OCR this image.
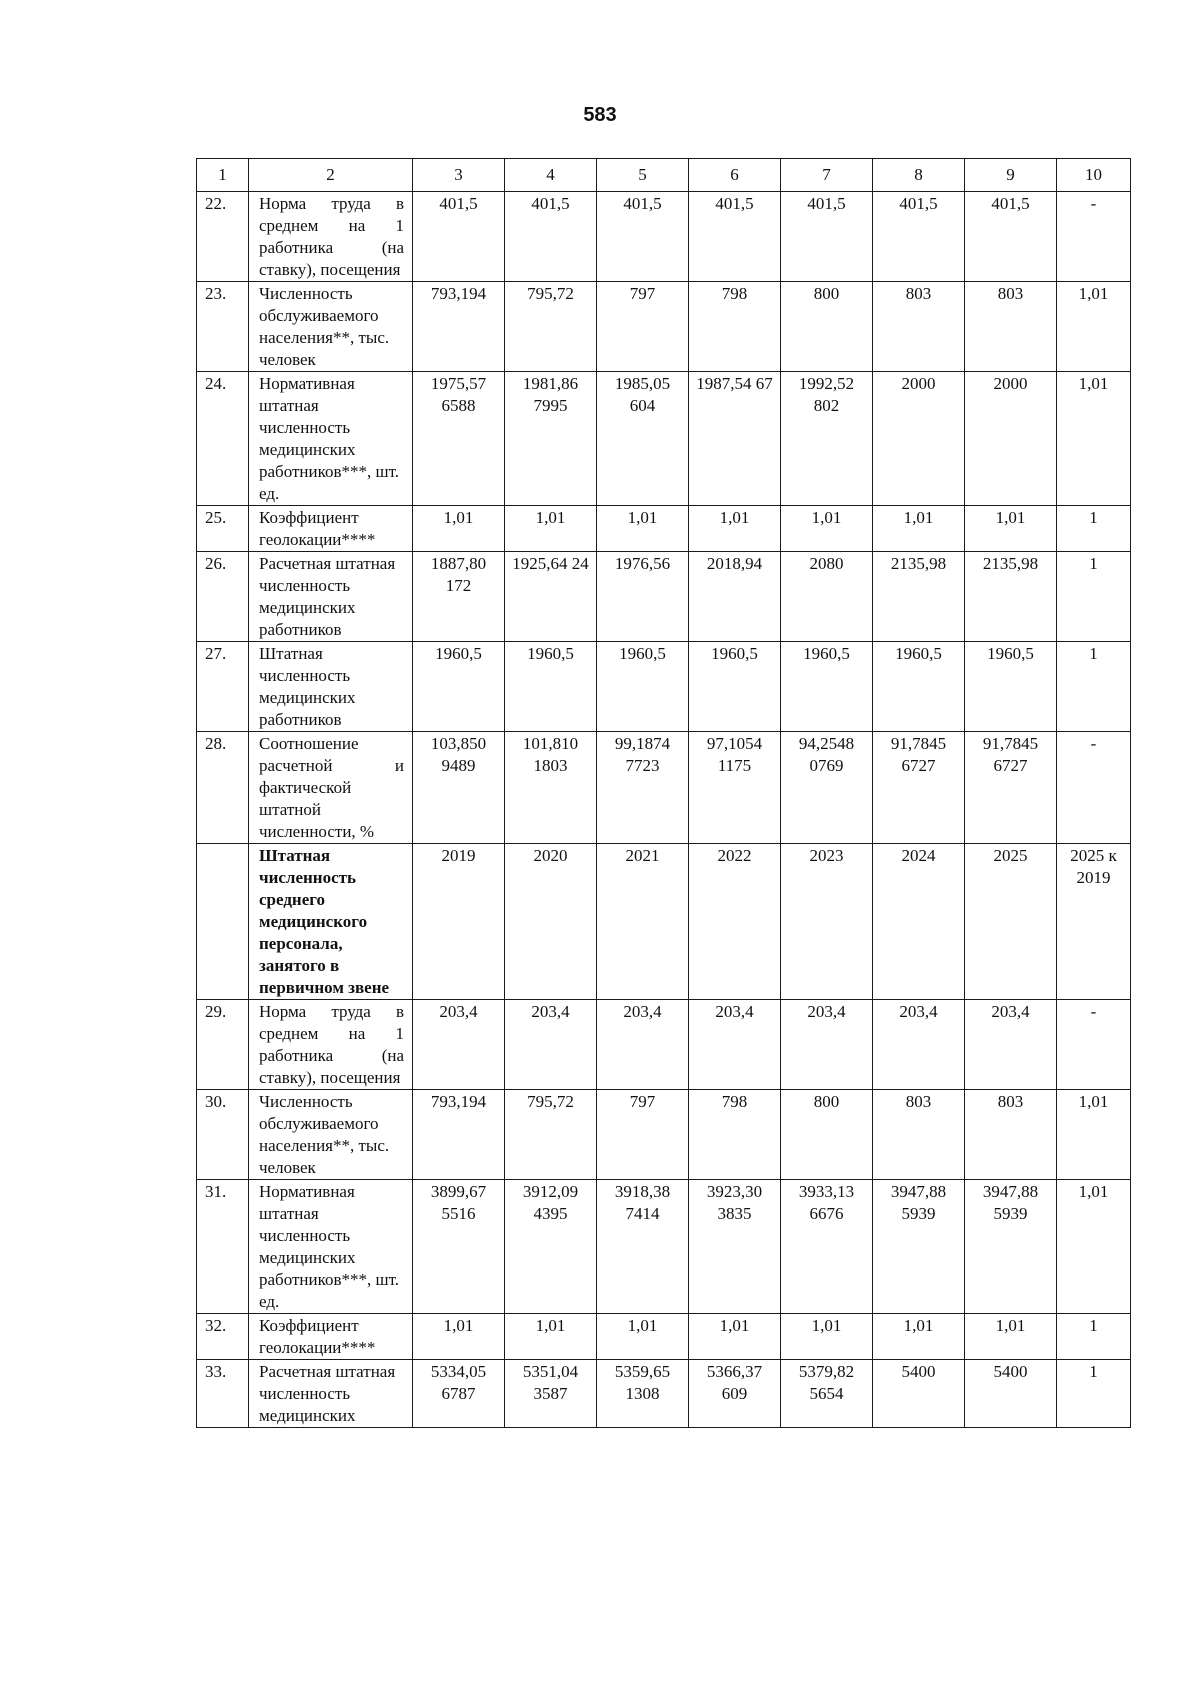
583
1	2	3	4	5	6	7	8	9	10
22.	Норма труда в среднем на 1 работника (на ставку), посещения	401,5	401,5	401,5	401,5	401,5	401,5	401,5	-
23.	Численность обслуживаемого населения**, тыс. человек	793,194	795,72	797	798	800	803	803	1,01
24.	Нормативная штатная численность медицинских работников***, шт. ед.	1975,57 6588	1981,86 7995	1985,05 604	1987,54 67	1992,52 802	2000	2000	1,01
25.	Коэффициент геолокации****	1,01	1,01	1,01	1,01	1,01	1,01	1,01	1
26.	Расчетная штатная численность медицинских работников	1887,80 172	1925,64 24	1976,56	2018,94	2080	2135,98	2135,98	1
27.	Штатная численность медицинских работников	1960,5	1960,5	1960,5	1960,5	1960,5	1960,5	1960,5	1
28.	Соотношение расчетной и фактической штатной численности, %	103,850 9489	101,810 1803	99,1874 7723	97,1054 1175	94,2548 0769	91,7845 6727	91,7845 6727	-
	Штатная численность среднего медицинского персонала, занятого в первичном звене	2019	2020	2021	2022	2023	2024	2025	2025 к 2019
29.	Норма труда в среднем на 1 работника (на ставку), посещения	203,4	203,4	203,4	203,4	203,4	203,4	203,4	-
30.	Численность обслуживаемого населения**, тыс. человек	793,194	795,72	797	798	800	803	803	1,01
31.	Нормативная штатная численность медицинских работников***, шт. ед.	3899,67 5516	3912,09 4395	3918,38 7414	3923,30 3835	3933,13 6676	3947,88 5939	3947,88 5939	1,01
32.	Коэффициент геолокации****	1,01	1,01	1,01	1,01	1,01	1,01	1,01	1
33.	Расчетная штатная численность медицинских	5334,05 6787	5351,04 3587	5359,65 1308	5366,37 609	5379,82 5654	5400	5400	1
